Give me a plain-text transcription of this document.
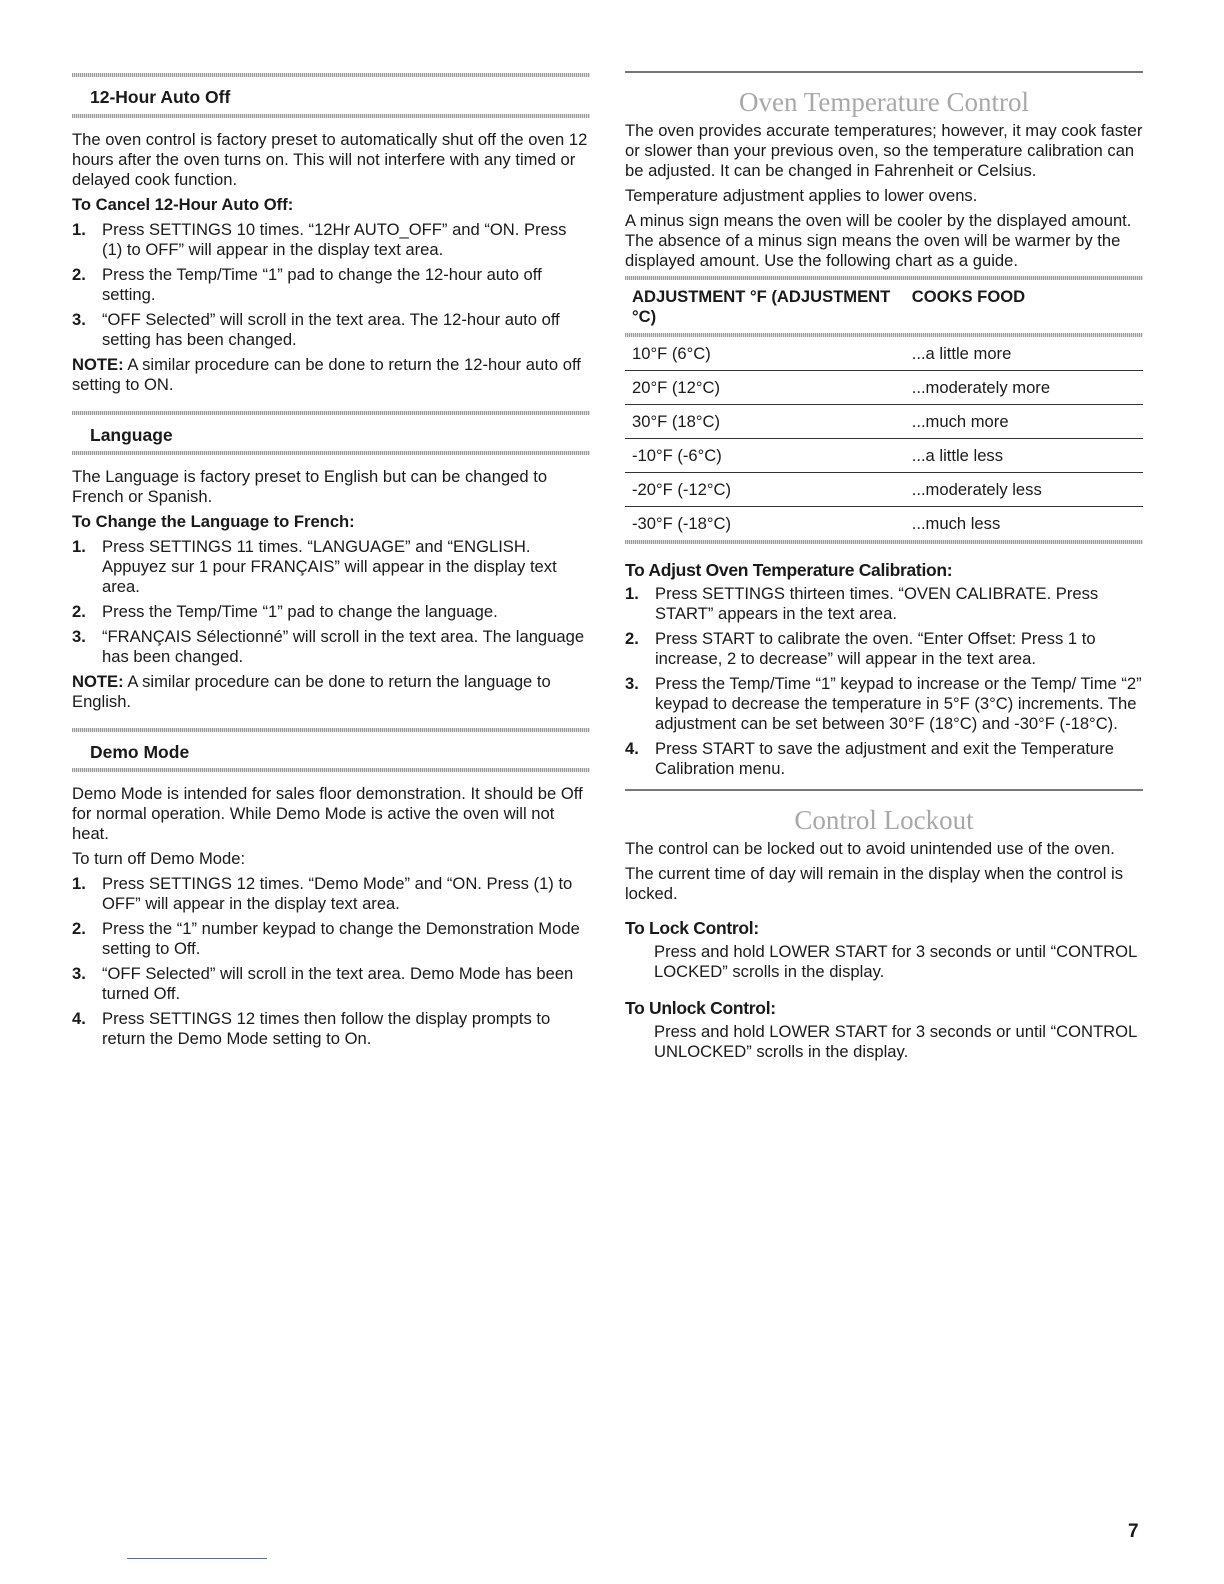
12-Hour Auto Off

The oven control is factory preset to automatically shut off the oven 12 hours after the oven turns on. This will not interfere with any timed or delayed cook function.

To Cancel 12-Hour Auto Off:

1. Press SETTINGS 10 times. “12Hr AUTO_OFF” and “ON. Press (1) to OFF” will appear in the display text area.
2. Press the Temp/Time “1” pad to change the 12-hour auto off setting.
3. “OFF Selected” will scroll in the text area. The 12-hour auto off setting has been changed.

NOTE: A similar procedure can be done to return the 12-hour auto off setting to ON.

Language

The Language is factory preset to English but can be changed to French or Spanish.

To Change the Language to French:

1. Press SETTINGS 11 times. “LANGUAGE” and “ENGLISH. Appuyez sur 1 pour FRANÇAIS” will appear in the display text area.
2. Press the Temp/Time “1” pad to change the language.
3. “FRANÇAIS Sélectionné” will scroll in the text area. The language has been changed.

NOTE: A similar procedure can be done to return the language to English.

Demo Mode

Demo Mode is intended for sales floor demonstration. It should be Off for normal operation. While Demo Mode is active the oven will not heat.

To turn off Demo Mode:

1. Press SETTINGS 12 times. “Demo Mode” and “ON. Press (1) to OFF” will appear in the display text area.
2. Press the “1” number keypad to change the Demonstration Mode setting to Off.
3. “OFF Selected” will scroll in the text area. Demo Mode has been turned Off.
4. Press SETTINGS 12 times then follow the display prompts to return the Demo Mode setting to On.
Oven Temperature Control

The oven provides accurate temperatures; however, it may cook faster or slower than your previous oven, so the temperature calibration can be adjusted. It can be changed in Fahrenheit or Celsius.

Temperature adjustment applies to lower ovens.

A minus sign means the oven will be cooler by the displayed amount. The absence of a minus sign means the oven will be warmer by the displayed amount. Use the following chart as a guide.

ADJUSTMENT °F (ADJUSTMENT °C)	COOKS FOOD

10°F (6°C)	...a little more
20°F (12°C)	...moderately more
30°F (18°C)	...much more
-10°F (-6°C)	...a little less
-20°F (-12°C)	...moderately less
-30°F (-18°C)	...much less
To Adjust Oven Temperature Calibration:
1. Press SETTINGS thirteen times. “OVEN CALIBRATE. Press START” appears in the text area.
2. Press START to calibrate the oven. “Enter Offset: Press 1 to increase, 2 to decrease” will appear in the text area.
3. Press the Temp/Time “1” keypad to increase or the Temp/ Time “2” keypad to decrease the temperature in 5°F (3°C) increments. The adjustment can be set between 30°F (18°C) and -30°F (-18°C).
4. Press START to save the adjustment and exit the Temperature Calibration menu.
Control Lockout

The control can be locked out to avoid unintended use of the oven.

The current time of day will remain in the display when the control is locked.

To Lock Control:

Press and hold LOWER START for 3 seconds or until “CONTROL LOCKED” scrolls in the display.

To Unlock Control:

Press and hold LOWER START for 3 seconds or until “CONTROL UNLOCKED” scrolls in the display.

7
